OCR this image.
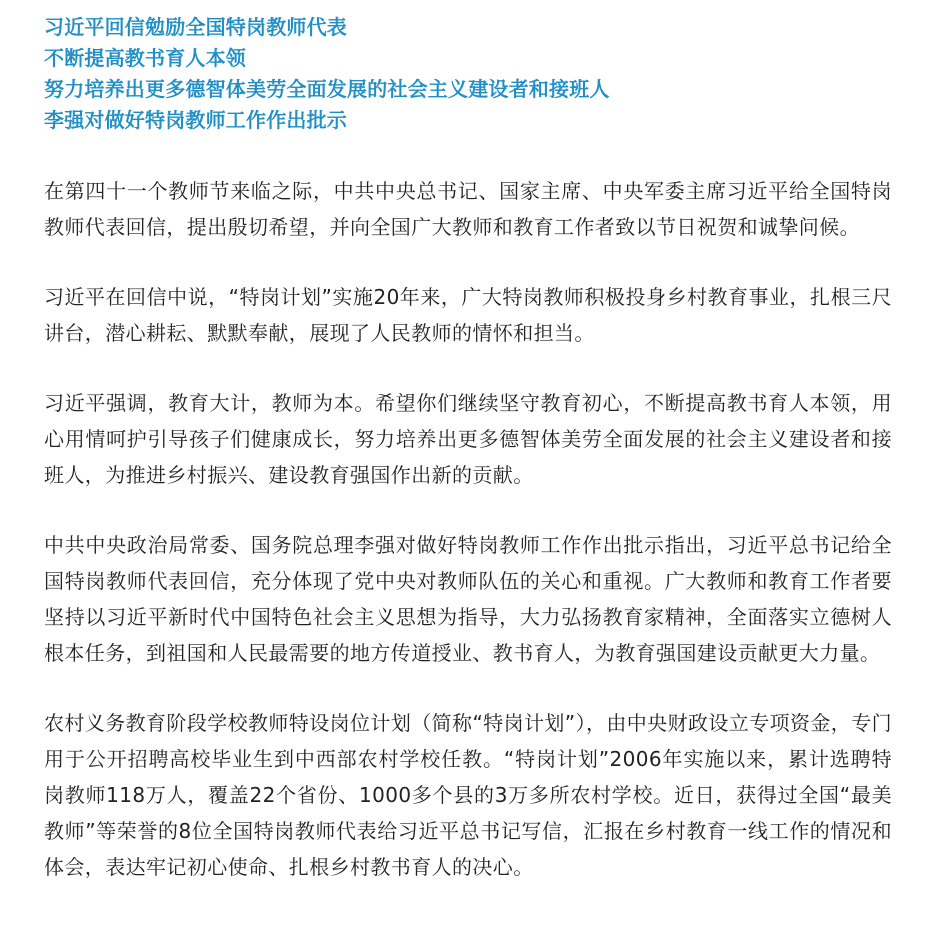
习近平回信勉励全国特岗教师代表
不断提高教书育人本领
努力培养出更多德智体美劳全面发展的社会主义建设者和接班人
李强对做好特岗教师工作作出批示

在第四十一个教师节来临之际，中共中央总书记、国家主席、中央军委主席习近平给全国特岗教师代表回信，提出殷切希望，并向全国广大教师和教育工作者致以节日祝贺和诚挚问候。

习近平在回信中说，“特岗计划”实施20年来，广大特岗教师积极投身乡村教育事业，扎根三尺讲台，潜心耕耘、默默奉献，展现了人民教师的情怀和担当。

习近平强调，教育大计，教师为本。希望你们继续坚守教育初心，不断提高教书育人本领，用心用情呵护引导孩子们健康成长，努力培养出更多德智体美劳全面发展的社会主义建设者和接班人，为推进乡村振兴、建设教育强国作出新的贡献。

中共中央政治局常委、国务院总理李强对做好特岗教师工作作出批示指出，习近平总书记给全国特岗教师代表回信，充分体现了党中央对教师队伍的关心和重视。广大教师和教育工作者要坚持以习近平新时代中国特色社会主义思想为指导，大力弘扬教育家精神，全面落实立德树人根本任务，到祖国和人民最需要的地方传道授业、教书育人，为教育强国建设贡献更大力量。

农村义务教育阶段学校教师特设岗位计划（简称“特岗计划”），由中央财政设立专项资金，专门用于公开招聘高校毕业生到中西部农村学校任教。“特岗计划”2006年实施以来，累计选聘特岗教师118万人，覆盖22个省份、1000多个县的3万多所农村学校。近日，获得过全国“最美教师”等荣誉的8位全国特岗教师代表给习近平总书记写信，汇报在乡村教育一线工作的情况和体会，表达牢记初心使命、扎根乡村教书育人的决心。
